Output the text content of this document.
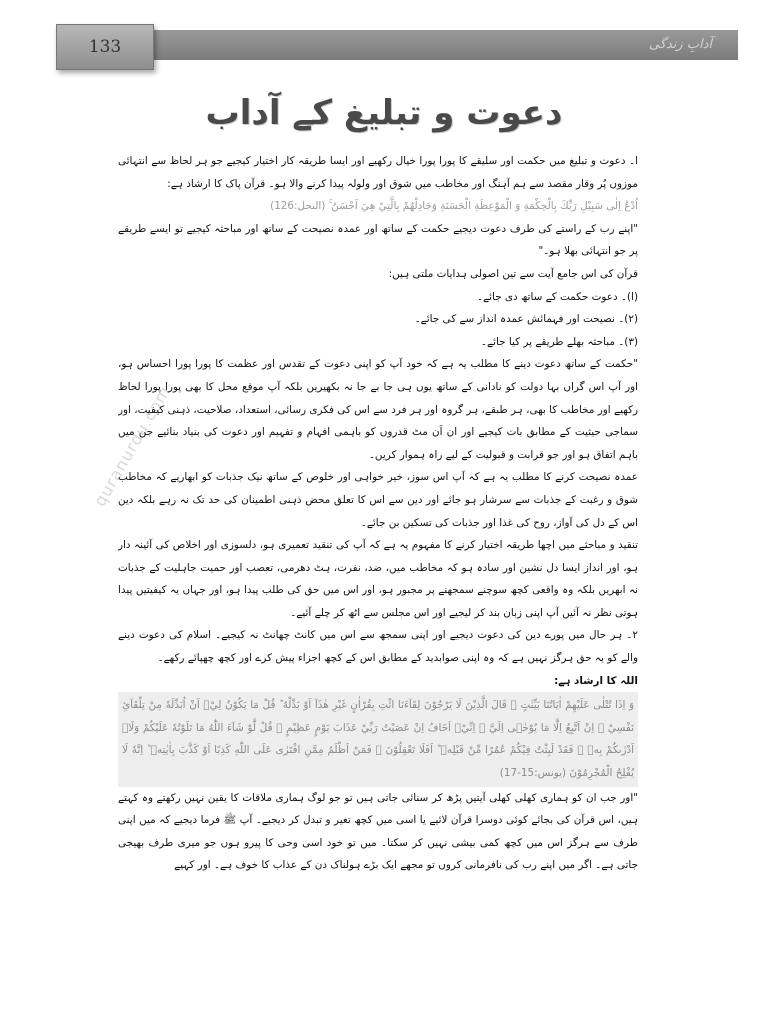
آدابِ زندگی
133
دعوت و تبلیغ کے آداب
quranurdu.com

ا۔ دعوت و تبلیغ میں حکمت اور سلیقے کا پورا پورا خیال رکھیے اور ایسا طریقہ کار اختیار کیجیے جو ہر لحاظ سے انتہائی موزوں پُر وقار مقصد سے ہم آہنگ اور مخاطب میں شوق اور ولولہ پیدا کرنے والا ہو۔ قرآن پاک کا ارشاد ہے:

اُدْعُ اِلٰى سَبِيْلِ رَبِّكَ بِالْحِكْمَةِ وَ الْمَوْعِظَةِ الْحَسَنَةِ وَجَادِلْهُمْ بِالَّتِيْ هِيَ اَحْسَنُ ۚ (النحل:126)

"اپنے رب کے راستے کی طرف دعوت دیجیے حکمت کے ساتھ اور عمدہ نصیحت کے ساتھ اور مباحثہ کیجیے تو ایسے طریقے پر جو انتہائی بھلا ہو۔"

قرآن کی اس جامع آیت سے تین اصولی ہدایات ملتی ہیں:

(ا)۔ دعوت حکمت کے ساتھ دی جائے۔

(۲)۔ نصیحت اور فہمائش عمدہ انداز سے کی جائے۔

(۳)۔ مباحثہ بھلے طریقے پر کیا جائے۔

"حکمت کے ساتھ دعوت دینے کا مطلب یہ ہے کہ خود آپ کو اپنی دعوت کے تقدس اور عظمت کا پورا پورا احساس ہو، اور آپ اس گراں بہا دولت کو نادانی کے ساتھ یوں ہی جا بے جا نہ بکھیریں بلکہ آپ موقع محل کا بھی پورا پورا لحاظ رکھیے اور مخاطب کا بھی، ہر طبقے، ہر گروہ اور ہر فرد سے اس کی فکری رسائی، استعداد، صلاحیت، ذہنی کیفیت، اور سماجی حیثیت کے مطابق بات کیجیے اور ان اَن مٹ قدروں کو باہمی افہام و تفہیم اور دعوت کی بنیاد بنائیے جن میں باہم اتفاق ہو اور جو قرابت و قبولیت کے لیے راہ ہموار کریں۔

عمدہ نصیحت کرنے کا مطلب یہ ہے کہ آپ اس سوز، خیر خواہی اور خلوص کے ساتھ نیک جذبات کو ابھاریے کہ مخاطب شوق و رغبت کے جذبات سے سرشار ہو جائے اور دین سے اس کا تعلق محض ذہنی اطمینان کی حد تک نہ رہے بلکہ دین اس کے دل کی آواز، روح کی غذا اور جذبات کی تسکین بن جائے۔

تنقید و مباحثے میں اچھا طریقہ اختیار کرنے کا مفہوم یہ ہے کہ آپ کی تنقید تعمیری ہو، دلسوزی اور اخلاص کی آئینہ دار ہو، اور انداز ایسا دل نشین اور سادہ ہو کہ مخاطب میں، ضد، نفرت، ہٹ دھرمی، تعصب اور حمیت جاہلیت کے جذبات نہ ابھریں بلکہ وہ واقعی کچھ سوچنے سمجھنے پر مجبور ہو، اور اس میں حق کی طلب پیدا ہو، اور جہاں یہ کیفیتیں پیدا ہوتی نظر نہ آئیں آپ اپنی زبان بند کر لیجیے اور اس مجلس سے اٹھ کر چلے آئیے۔

۲۔ ہر حال میں پورے دین کی دعوت دیجیے اور اپنی سمجھ سے اس میں کانٹ چھانٹ نہ کیجیے۔ اسلام کی دعوت دینے والے کو یہ حق ہرگز نہیں ہے کہ وہ اپنی صوابدید کے مطابق اس کے کچھ اجزاء پیش کرے اور کچھ چھپائے رکھے۔

اللہ کا ارشاد ہے:

وَ اِذَا تُتْلٰى عَلَيْهِمْ اٰيَاتُنَا بَيِّنٰتٍ ۙ قَالَ الَّذِيْنَ لَا يَرْجُوْنَ لِقَآءَنَا ائْتِ بِقُرْاٰنٍ غَيْرِ هٰذَآ اَوْ بَدِّلْهُ ؕ قُلْ مَا يَكُوْنُ لِيْۤ اَنْ اُبَدِّلَهٗ مِنْ تِلْقَآئِ نَفْسِيْ ۚ اِنْ اَتَّبِعُ اِلَّا مَا يُوْحٰۤى اِلَيَّ ۚ اِنِّيْۤ اَخَافُ اِنْ عَصَيْتُ رَبِّيْ عَذَابَ يَوْمٍ عَظِيْمٍ ۞ قُلْ لَّوْ شَآءَ اللّٰهُ مَا تَلَوْتُهٗ عَلَيْكُمْ وَلَاۤ اَدْرٰىكُمْ بِهٖ ۖ فَقَدْ لَبِثْتُ فِيْكُمْ عُمُرًا مِّنْ قَبْلِهٖ ؕ اَفَلَا تَعْقِلُوْنَ ۞ فَمَنْ اَظْلَمُ مِمَّنِ افْتَرٰى عَلَى اللّٰهِ كَذِبًا اَوْ كَذَّبَ بِاٰيٰتِهٖ ؕ اِنَّهٗ لَا يُفْلِحُ الْمُجْرِمُوْنَ (یونس:15-17)

"اور جب ان کو ہماری کھلی کھلی آیتیں پڑھ کر سنائی جاتی ہیں تو جو لوگ ہماری ملاقات کا یقین نہیں رکھتے وہ کہتے ہیں، اس قرآن کی بجائے کوئی دوسرا قرآن لائیے یا اسی میں کچھ تغیر و تبدل کر دیجیے۔ آپ ﷺ فرما دیجیے کہ میں اپنی طرف سے ہرگز اس میں کچھ کمی بیشی نہیں کر سکتا۔ میں تو خود اسی وحی کا پیرو ہوں جو میری طرف بھیجی جاتی ہے۔ اگر میں اپنے رب کی نافرمانی کروں تو مجھے ایک بڑے ہولناک دن کے عذاب کا خوف ہے۔ اور کہیے
